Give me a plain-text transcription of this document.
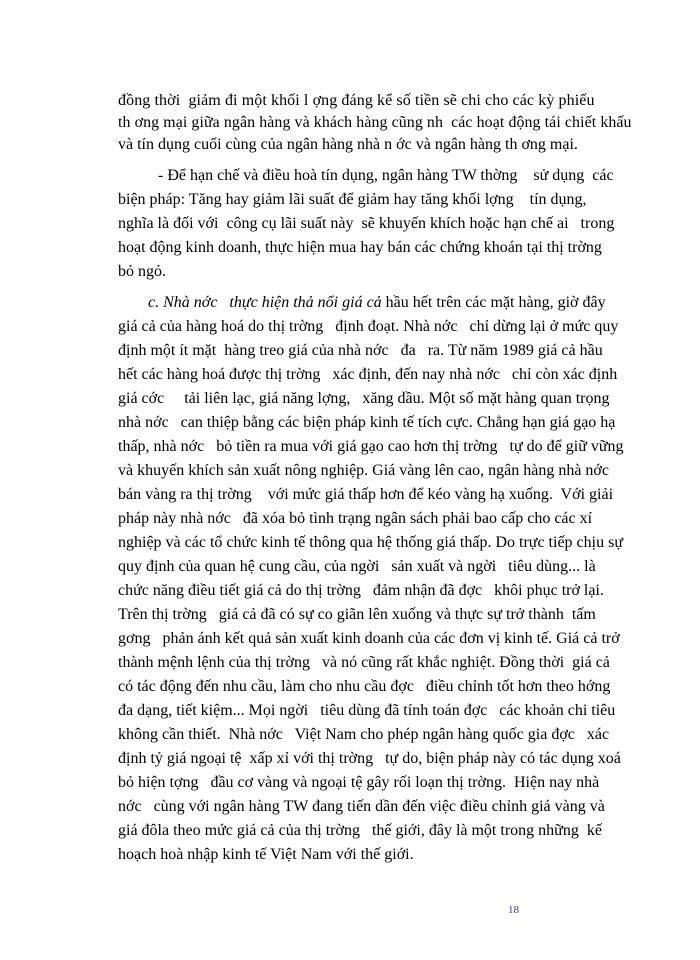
đồng thời  giảm đi một khối l ợng đáng kể số tiền sẽ chi cho các kỳ phiếu
th ơng mại giữa ngân hàng và khách hàng cũng nh  các hoạt động tái chiết khấu
và tín dụng cuối cùng của ngân hàng nhà n ớc và ngân hàng th ơng mại.
- Để hạn chế và điều hoà tín dụng, ngân hàng TW thờng    sử dụng  các
biện pháp: Tăng hay giảm lãi suất để giảm hay tăng khối lợng    tín dụng,
nghĩa là đối với  công cụ lãi suất này  sẽ khuyến khích hoặc hạn chế ai   trong
hoạt động kinh doanh, thực hiện mua hay bán các chứng khoán tại thị trờng
bỏ ngỏ.
c. Nhà nớc   thực hiện thả nổi giá cả hầu hết trên các mặt hàng, giờ đây
giá cả của hàng hoá do thị trờng   định đoạt. Nhà nớc   chỉ dừng lại ở mức quy
định một ít mặt  hàng treo giá của nhà nớc   đa   ra. Từ năm 1989 giá cả hầu
hết các hàng hoá được thị trờng   xác định, đến nay nhà nớc   chỉ còn xác định
giá cớc     tải liên lạc, giá năng lợng,   xăng dầu. Một số mặt hàng quan trọng
nhà nớc   can thiệp bằng các biện pháp kinh tế tích cực. Chẳng hạn giá gạo hạ
thấp, nhà nớc   bỏ tiền ra mua với giá gạo cao hơn thị trờng   tự do để giữ vững
và khuyến khích sản xuất nông nghiệp. Giá vàng lên cao, ngân hàng nhà nớc
bán vàng ra thị trờng    với mức giá thấp hơn để kéo vàng hạ xuống.  Với giải
pháp này nhà nớc   đã xóa bỏ tình trạng ngân sách phải bao cấp cho các xí
nghiệp và các tổ chức kinh tế thông qua hệ thống giá thấp. Do trực tiếp chịu sự
quy định của quan hệ cung cầu, của ngời   sản xuất và ngời   tiêu dùng... là
chức năng điều tiết giá cả do thị trờng   đảm nhận đã đợc   khôi phục trở lại.
Trên thị trờng   giá cả đã có sự co giãn lên xuống và thực sự trở thành  tấm
gơng   phản ánh kết quả sản xuất kinh doanh của các đơn vị kinh tế. Giá cả trở
thành mệnh lệnh của thị trờng   và nó cũng rất khắc nghiệt. Đồng thời  giá cả
có tác động đến nhu cầu, làm cho nhu cầu đợc   điều chỉnh tốt hơn theo hớng
đa dạng, tiết kiệm... Mọi ngời   tiêu dùng đã tính toán đợc   các khoản chi tiêu
không cần thiết.  Nhà nớc   Việt Nam cho phép ngân hàng quốc gia đợc   xác
định tỷ giá ngoại tệ  xấp xỉ với thị trờng   tự do, biện pháp này có tác dụng xoá
bỏ hiện tợng   đầu cơ vàng và ngoại tệ gây rối loạn thị trờng.  Hiện nay nhà
nớc   cùng với ngân hàng TW đang tiến dần đến việc điều chỉnh giá vàng và
giá đôla theo mức giá cả của thị trờng   thế giới, đây là một trong những  kế
hoạch hoà nhập kinh tế Việt Nam với thế giới.
18
